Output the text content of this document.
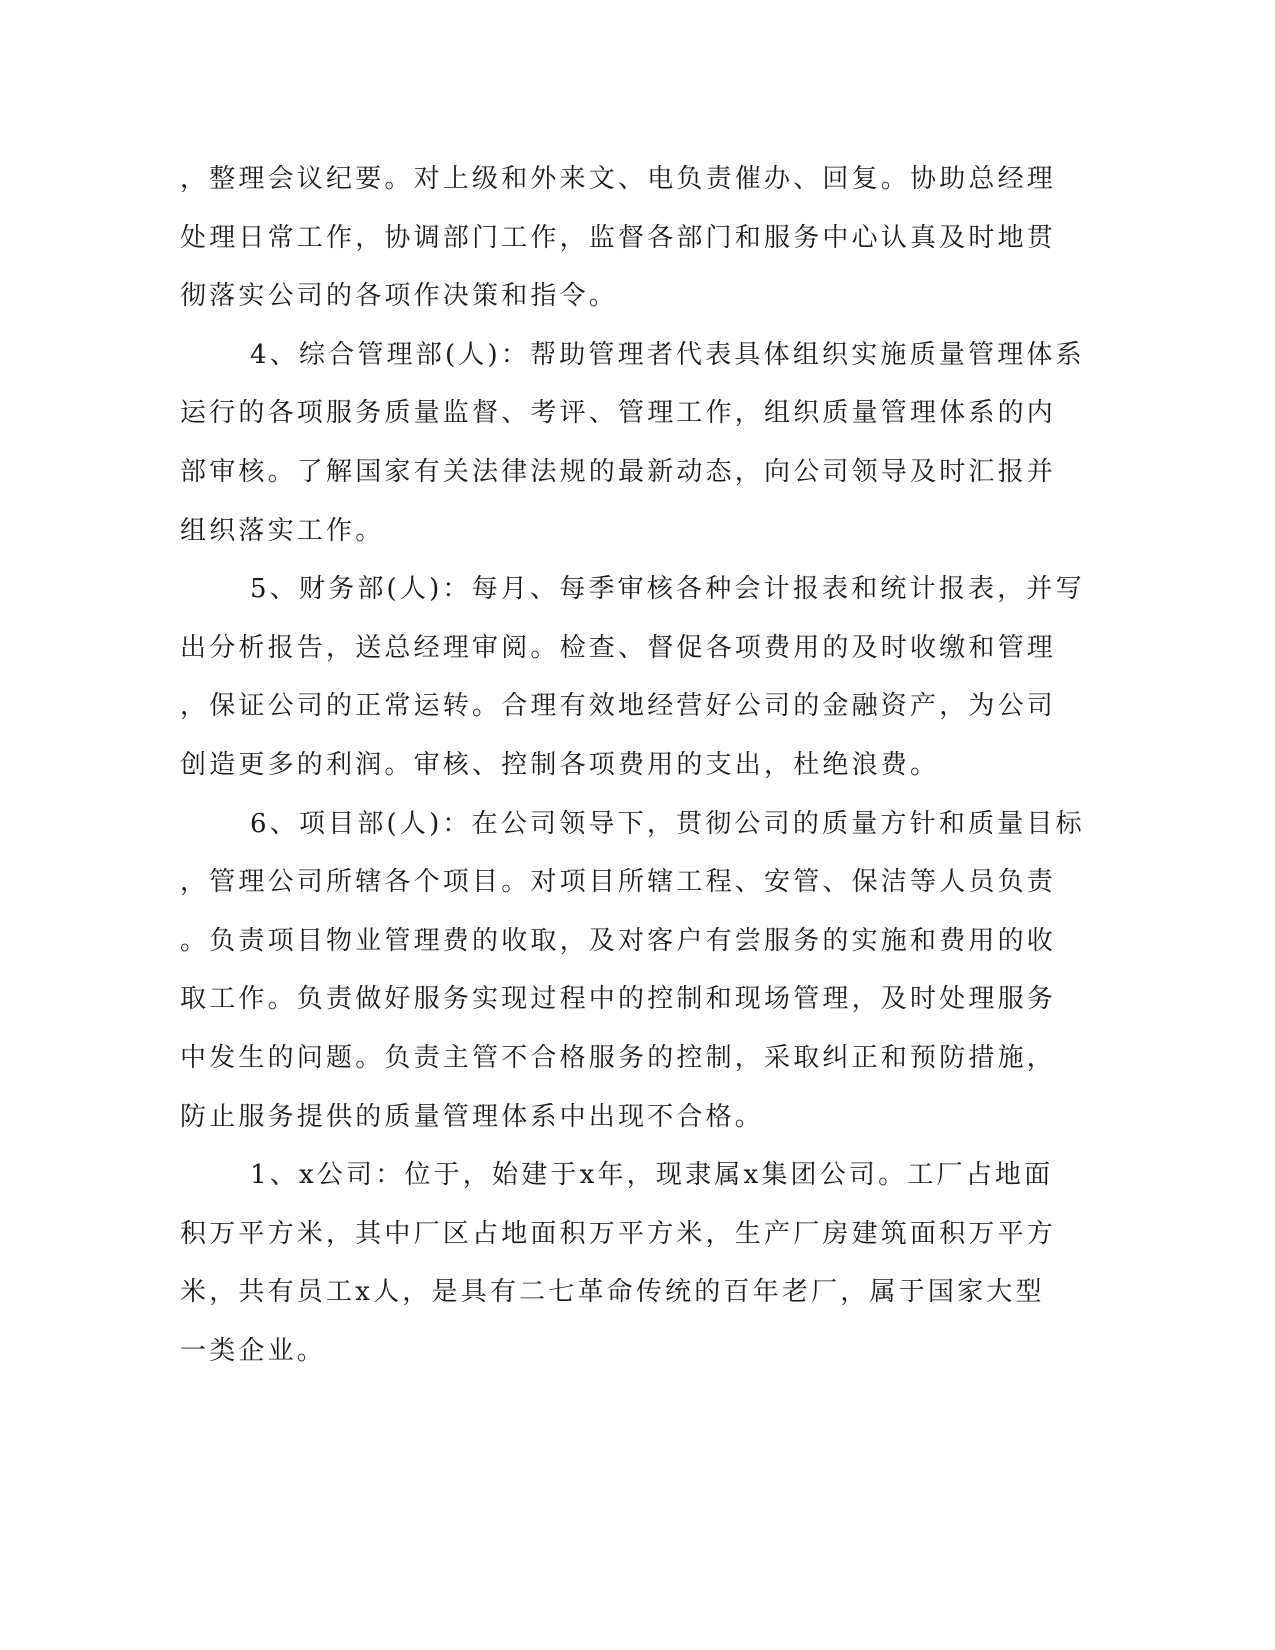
，整理会议纪要。对上级和外来文、电负责催办、回复。协助总经理
处理日常工作，协调部门工作，监督各部门和服务中心认真及时地贯
彻落实公司的各项作决策和指令。
4、综合管理部(人)：帮助管理者代表具体组织实施质量管理体系
运行的各项服务质量监督、考评、管理工作，组织质量管理体系的内
部审核。了解国家有关法律法规的最新动态，向公司领导及时汇报并
组织落实工作。
5、财务部(人)：每月、每季审核各种会计报表和统计报表，并写
出分析报告，送总经理审阅。检查、督促各项费用的及时收缴和管理
，保证公司的正常运转。合理有效地经营好公司的金融资产，为公司
创造更多的利润。审核、控制各项费用的支出，杜绝浪费。
6、项目部(人)：在公司领导下，贯彻公司的质量方针和质量目标
，管理公司所辖各个项目。对项目所辖工程、安管、保洁等人员负责
。负责项目物业管理费的收取，及对客户有尝服务的实施和费用的收
取工作。负责做好服务实现过程中的控制和现场管理，及时处理服务
中发生的问题。负责主管不合格服务的控制，采取纠正和预防措施，
防止服务提供的质量管理体系中出现不合格。
1、x公司：位于，始建于x年，现隶属x集团公司。工厂占地面
积万平方米，其中厂区占地面积万平方米，生产厂房建筑面积万平方
米，共有员工x人，是具有二七革命传统的百年老厂，属于国家大型
一类企业。
